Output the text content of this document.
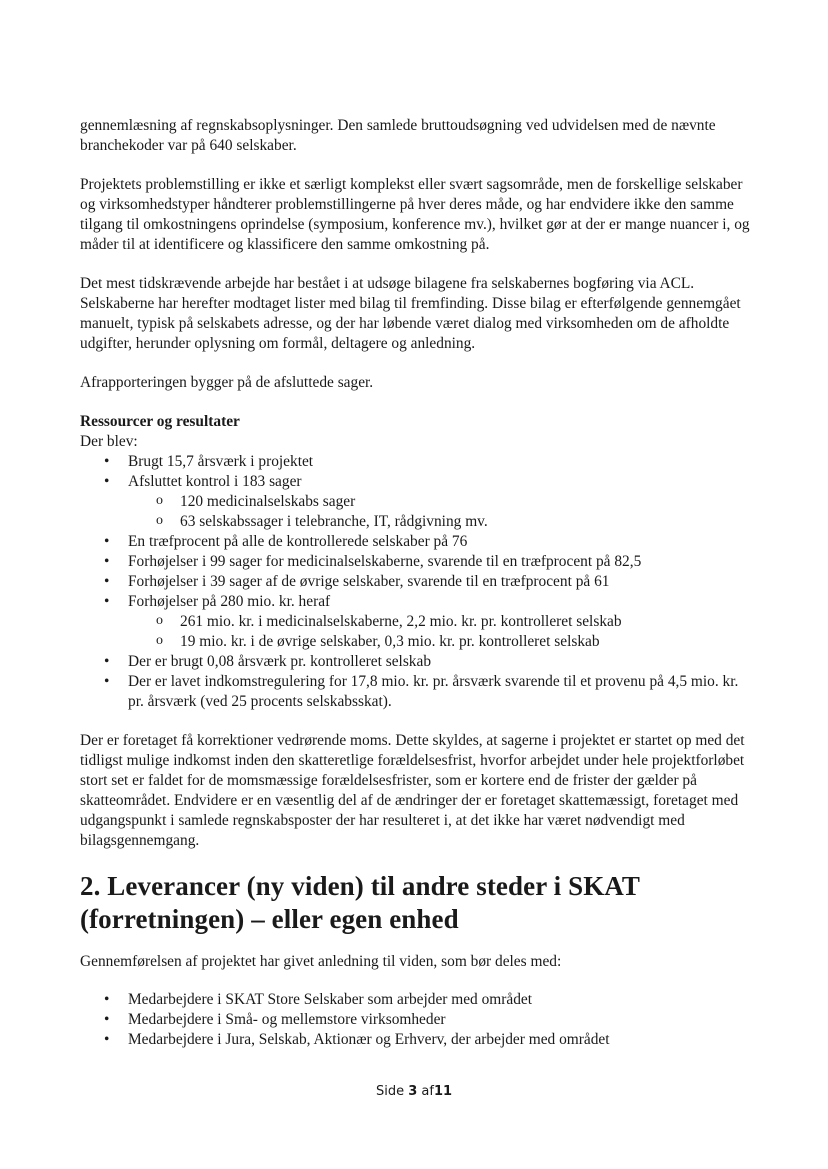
gennemlæsning af regnskabsoplysninger. Den samlede bruttoudsøgning ved udvidelsen med de nævnte branchekoder var på 640 selskaber.

Projektets problemstilling er ikke et særligt komplekst eller svært sagsområde, men de forskellige selskaber og virksomhedstyper håndterer problemstillingerne på hver deres måde, og har endvidere ikke den samme tilgang til omkostningens oprindelse (symposium, konference mv.), hvilket gør at der er mange nuancer i, og måder til at identificere og klassificere den samme omkostning på.

Det mest tidskrævende arbejde har bestået i at udsøge bilagene fra selskabernes bogføring via ACL. Selskaberne har herefter modtaget lister med bilag til fremfinding. Disse bilag er efterfølgende gennemgået manuelt, typisk på selskabets adresse, og der har løbende været dialog med virksomheden om de afholdte udgifter, herunder oplysning om formål, deltagere og anledning.

Afrapporteringen bygger på de afsluttede sager.

Ressourcer og resultater

Der blev:

• Brugt 15,7 årsværk i projektet
• Afsluttet kontrol i 183 sager
o 120 medicinalselskabs sager
o 63 selskabssager i telebranche, IT, rådgivning mv.
• En træfprocent på alle de kontrollerede selskaber på 76
• Forhøjelser i 99 sager for medicinalselskaberne, svarende til en træfprocent på 82,5
• Forhøjelser i 39 sager af de øvrige selskaber, svarende til en træfprocent på 61
• Forhøjelser på 280 mio. kr. heraf
o 261 mio. kr. i medicinalselskaberne, 2,2 mio. kr. pr. kontrolleret selskab
o 19 mio. kr. i de øvrige selskaber, 0,3 mio. kr. pr. kontrolleret selskab
• Der er brugt 0,08 årsværk pr. kontrolleret selskab
• Der er lavet indkomstregulering for 17,8 mio. kr. pr. årsværk svarende til et provenu på 4,5 mio. kr. pr. årsværk (ved 25 procents selskabsskat).

Der er foretaget få korrektioner vedrørende moms. Dette skyldes, at sagerne i projektet er startet op med det tidligst mulige indkomst inden den skatteretlige forældelsesfrist, hvorfor arbejdet under hele projektforløbet stort set er faldet for de momsmæssige forældelsesfrister, som er kortere end de frister der gælder på skatteområdet. Endvidere er en væsentlig del af de ændringer der er foretaget skattemæssigt, foretaget med udgangspunkt i samlede regnskabsposter der har resulteret i, at det ikke har været nødvendigt med bilagsgennemgang.

2. Leverancer (ny viden) til andre steder i SKAT (forretningen) – eller egen enhed

Gennemførelsen af projektet har givet anledning til viden, som bør deles med:

• Medarbejdere i SKAT Store Selskaber som arbejder med området
• Medarbejdere i Små- og mellemstore virksomheder
• Medarbejdere i Jura, Selskab, Aktionær og Erhverv, der arbejder med området
Side 3 af11
